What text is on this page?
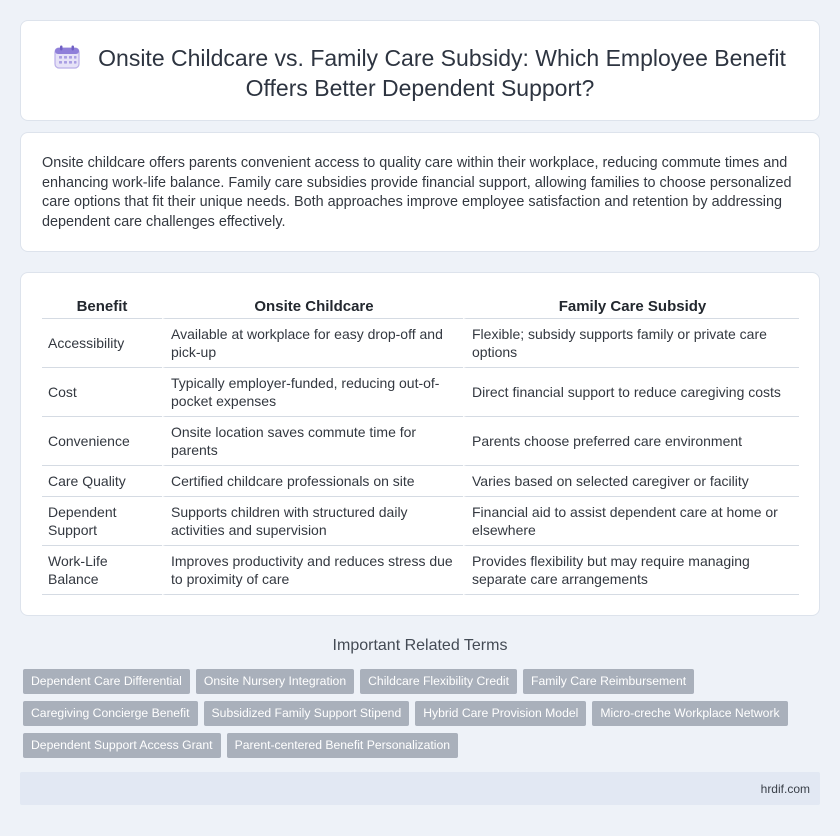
Onsite Childcare vs. Family Care Subsidy: Which Employee Benefit Offers Better Dependent Support?

Onsite childcare offers parents convenient access to quality care within their workplace, reducing commute times and enhancing work-life balance. Family care subsidies provide financial support, allowing families to choose personalized care options that fit their unique needs. Both approaches improve employee satisfaction and retention by addressing dependent care challenges effectively.

Benefit	Onsite Childcare	Family Care Subsidy
Accessibility	Available at workplace for easy drop-off and pick-up	Flexible; subsidy supports family or private care options
Cost	Typically employer-funded, reducing out-of-pocket expenses	Direct financial support to reduce caregiving costs
Convenience	Onsite location saves commute time for parents	Parents choose preferred care environment
Care Quality	Certified childcare professionals on site	Varies based on selected caregiver or facility
Dependent Support	Supports children with structured daily activities and supervision	Financial aid to assist dependent care at home or elsewhere
Work-Life Balance	Improves productivity and reduces stress due to proximity of care	Provides flexibility but may require managing separate care arrangements
Important Related Terms
Dependent Care Differential Onsite Nursery Integration Childcare Flexibility Credit Family Care Reimbursement
Caregiving Concierge Benefit Subsidized Family Support Stipend Hybrid Care Provision Model Micro-creche Workplace Network
Dependent Support Access Grant Parent-centered Benefit Personalization
hrdif.com
